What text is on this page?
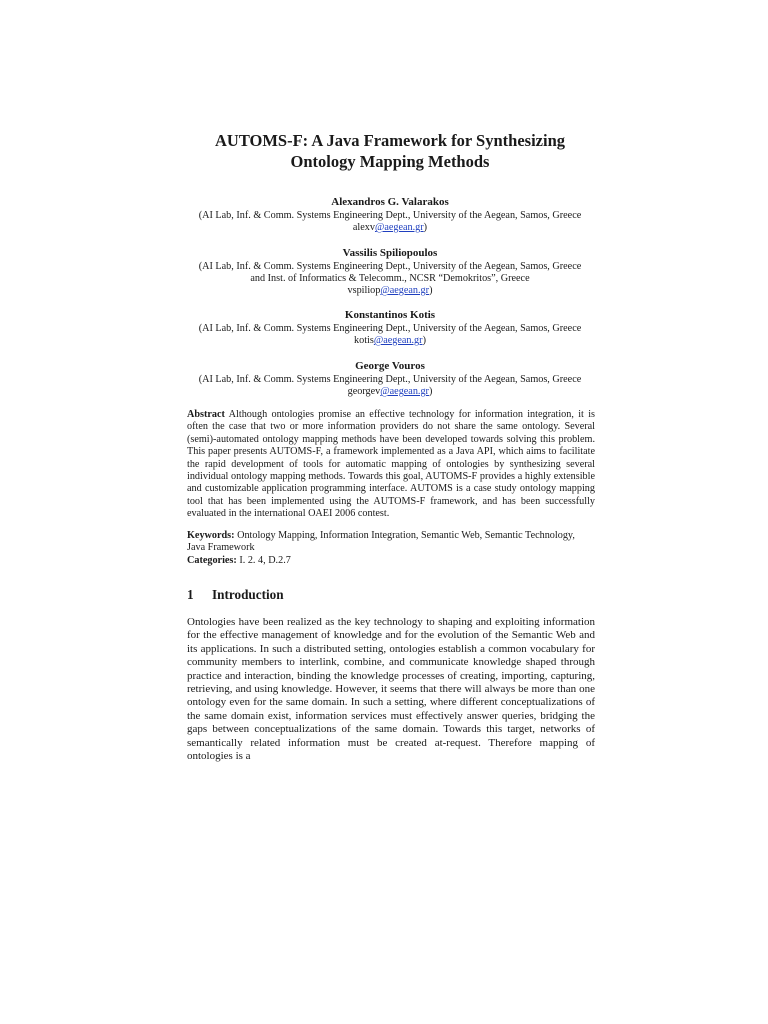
AUTOMS-F: A Java Framework for Synthesizing
Ontology Mapping Methods
Alexandros G. Valarakos
(AI Lab, Inf. & Comm. Systems Engineering Dept., University of the Aegean, Samos, Greece
alexv@aegean.gr)
Vassilis Spiliopoulos
(AI Lab, Inf. & Comm. Systems Engineering Dept., University of the Aegean, Samos, Greece
and Inst. of Informatics & Telecomm., NCSR “Demokritos”, Greece
vspiliop@aegean.gr)
Konstantinos Kotis
(AI Lab, Inf. & Comm. Systems Engineering Dept., University of the Aegean, Samos, Greece
kotis@aegean.gr)
George Vouros
(AI Lab, Inf. & Comm. Systems Engineering Dept., University of the Aegean, Samos, Greece
georgev@aegean.gr)
Abstract Although ontologies promise an effective technology for information integration, it is often the case that two or more information providers do not share the same ontology. Several (semi)-automated ontology mapping methods have been developed towards solving this problem. This paper presents AUTOMS-F, a framework implemented as a Java API, which aims to facilitate the rapid development of tools for automatic mapping of ontologies by synthesizing several individual ontology mapping methods. Towards this goal, AUTOMS-F provides a highly extensible and customizable application programming interface. AUTOMS is a case study ontology mapping tool that has been implemented using the AUTOMS-F framework, and has been successfully evaluated in the international OAEI 2006 contest.
Keywords: Ontology Mapping, Information Integration, Semantic Web, Semantic Technology, Java Framework
Categories: I. 2. 4, D.2.7
1 Introduction
Ontologies have been realized as the key technology to shaping and exploiting information for the effective management of knowledge and for the evolution of the Semantic Web and its applications. In such a distributed setting, ontologies establish a common vocabulary for community members to interlink, combine, and communicate knowledge shaped through practice and interaction, binding the knowledge processes of creating, importing, capturing, retrieving, and using knowledge. However, it seems that there will always be more than one ontology even for the same domain. In such a setting, where different conceptualizations of the same domain exist, information services must effectively answer queries, bridging the gaps between conceptualizations of the same domain. Towards this target, networks of semantically related information must be created at-request. Therefore mapping of ontologies is a
